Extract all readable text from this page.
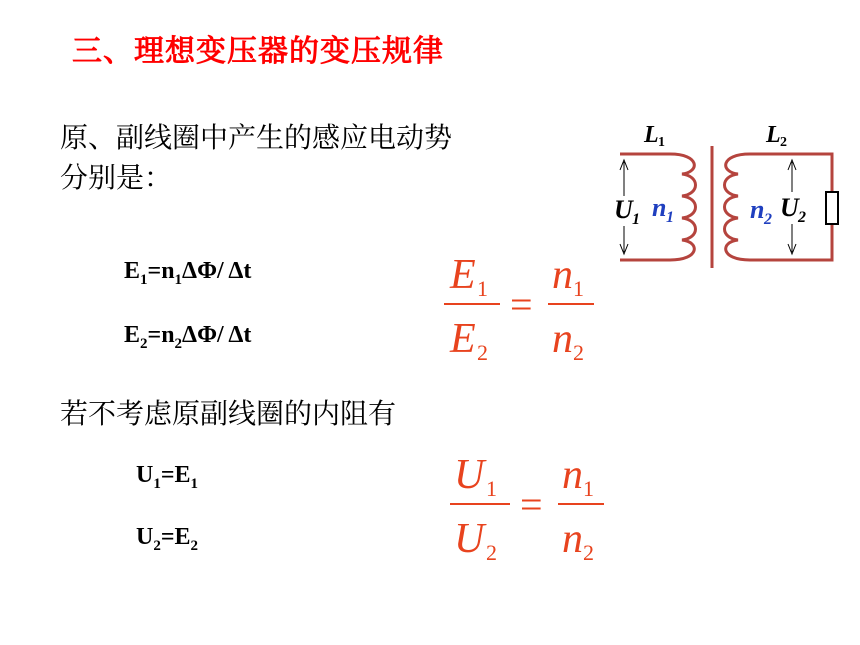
三、理想变压器的变压规律
原、副线圈中产生的感应电动势
分别是：
$E_1=n_1\Delta\Phi/$ Δt
$E_2=n_2\Delta\Phi/$ Δt
E 1
E 2
=
n 1
n 2
若不考虑原副线圈的内阻有
$U_1=E_1$
$U_2=E_2$
U 1
U 2
=
n 1
n 2
L 1	L 2
U 1	U 2
n 1	n 2
